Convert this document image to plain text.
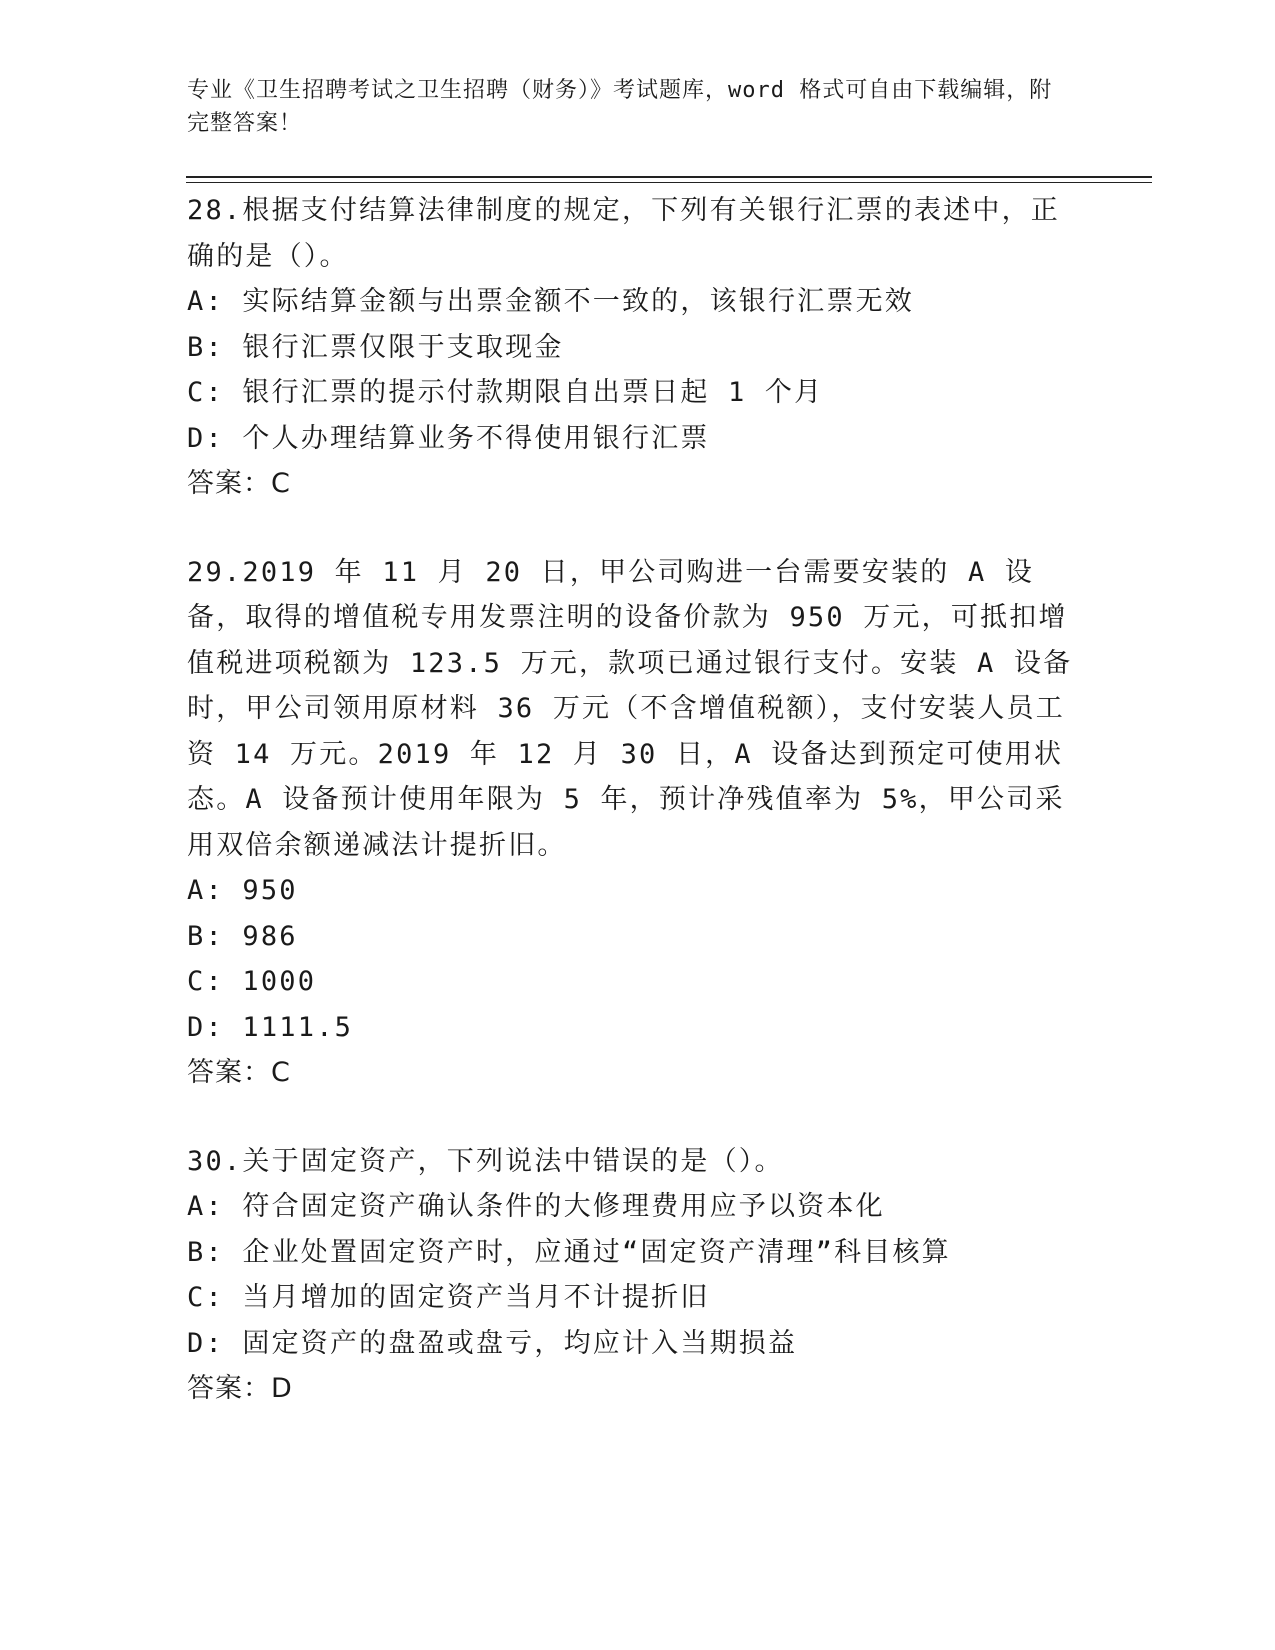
专业《卫生招聘考试之卫生招聘（财务）》考试题库，word 格式可自由下载编辑，附完整答案！

28.根据支付结算法律制度的规定，下列有关银行汇票的表述中，正确的是（）。

A: 实际结算金额与出票金额不一致的，该银行汇票无效

B: 银行汇票仅限于支取现金

C: 银行汇票的提示付款期限自出票日起 1 个月

D: 个人办理结算业务不得使用银行汇票

答案：C

29.2019 年 11 月 20 日，甲公司购进一台需要安装的 A 设备，取得的增值税专用发票注明的设备价款为 950 万元，可抵扣增值税进项税额为 123.5 万元，款项已通过银行支付。安装 A 设备时，甲公司领用原材料 36 万元（不含增值税额），支付安装人员工资 14 万元。2019 年 12 月 30 日，A 设备达到预定可使用状态。A 设备预计使用年限为 5 年，预计净残值率为 5%，甲公司采用双倍余额递减法计提折旧。

A: 950

B: 986

C: 1000

D: 1111.5

答案：C

30.关于固定资产，下列说法中错误的是（）。

A: 符合固定资产确认条件的大修理费用应予以资本化

B: 企业处置固定资产时，应通过“固定资产清理”科目核算

C: 当月增加的固定资产当月不计提折旧

D: 固定资产的盘盈或盘亏，均应计入当期损益

答案：D
